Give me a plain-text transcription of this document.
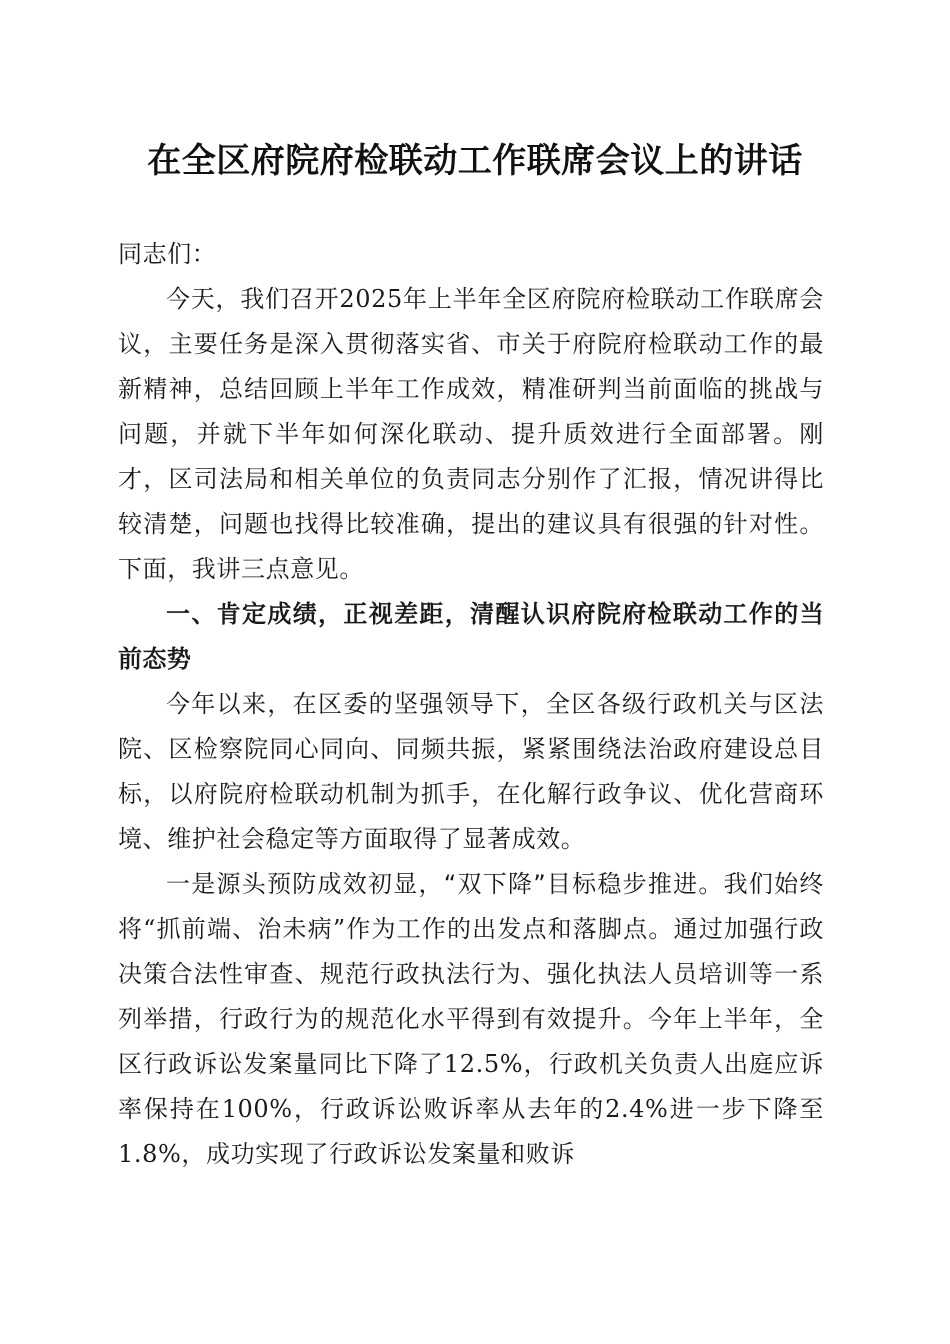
在全区府院府检联动工作联席会议上的讲话

同志们：

今天，我们召开2025年上半年全区府院府检联动工作联席会议，主要任务是深入贯彻落实省、市关于府院府检联动工作的最新精神，总结回顾上半年工作成效，精准研判当前面临的挑战与问题，并就下半年如何深化联动、提升质效进行全面部署。刚才，区司法局和相关单位的负责同志分别作了汇报，情况讲得比较清楚，问题也找得比较准确，提出的建议具有很强的针对性。下面，我讲三点意见。

一、肯定成绩，正视差距，清醒认识府院府检联动工作的当前态势

今年以来，在区委的坚强领导下，全区各级行政机关与区法院、区检察院同心同向、同频共振，紧紧围绕法治政府建设总目标，以府院府检联动机制为抓手，在化解行政争议、优化营商环境、维护社会稳定等方面取得了显著成效。

一是源头预防成效初显，“双下降”目标稳步推进。我们始终将“抓前端、治未病”作为工作的出发点和落脚点。通过加强行政决策合法性审查、规范行政执法行为、强化执法人员培训等一系列举措，行政行为的规范化水平得到有效提升。今年上半年，全区行政诉讼发案量同比下降了12.5%，行政机关负责人出庭应诉率保持在100%，行政诉讼败诉率从去年的2.4%进一步下降至1.8%，成功实现了行政诉讼发案量和败诉
